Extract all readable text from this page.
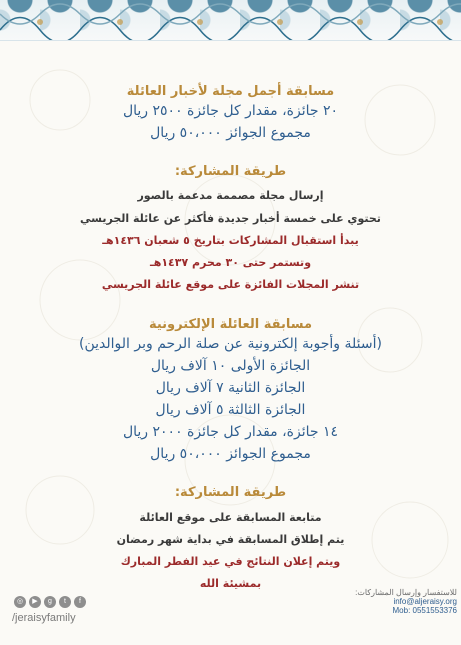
مسابقة أجمل مجلة لأخبار العائلة
٢٠ جائزة، مقدار كل جائزة ٢٥٠٠ ريال
مجموع الجوائز ٥٠،٠٠٠ ريال
طريقة المشاركة:
إرسال مجلة مصممة مدعمة بالصور
تحتوي على خمسة أخبار جديدة فأكثر عن عائلة الجريسي
يبدأ استقبال المشاركات بتاريخ ٥ شعبان ١٤٣٦هـ
وتستمر حتى ٣٠ محرم ١٤٣٧هـ
تنشر المجلات الفائزة على موقع عائلة الجريسي
مسابقة العائلة الإلكترونية
(أسئلة وأجوبة إلكترونية عن صلة الرحم وبر الوالدين)
الجائزة الأولى ١٠ آلاف ريال
الجائزة الثانية ٧ آلاف ريال
الجائزة الثالثة ٥ آلاف ريال
١٤ جائزة، مقدار كل جائزة ٢٠٠٠ ريال
مجموع الجوائز ٥٠،٠٠٠ ريال
طريقة المشاركة:
متابعة المسابقة على موقع العائلة
يتم إطلاق المسابقة في بداية شهر رمضان
ويتم إعلان النتائج في عيد الفطر المبارك
بمشيئة الله
للاستفسار وإرسال المشاركات:
info@aljeraisy.org
Mob: 0551553376
◎	▶	g	t	f
/jeraisyfamily
